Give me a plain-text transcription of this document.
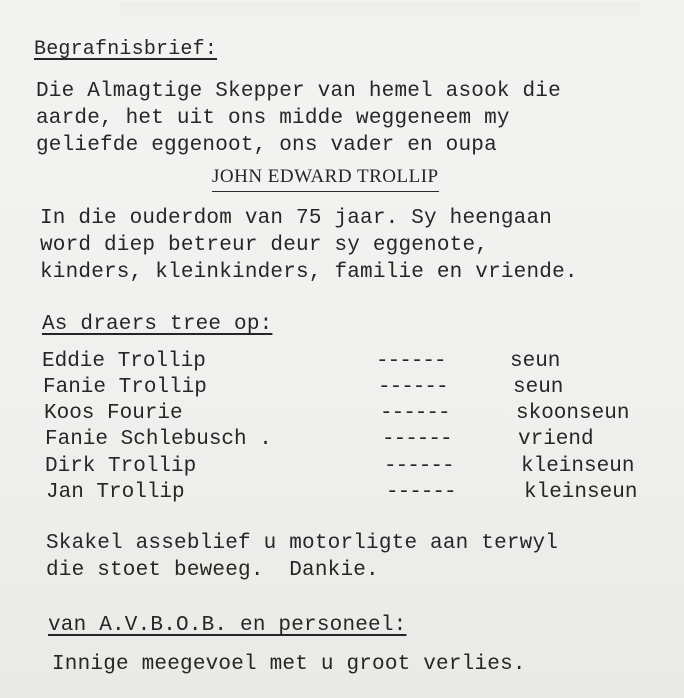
Begrafnisbrief:
Die Almagtige Skepper van hemel asook die
aarde, het uit ons midde weggeneem my
geliefde eggenoot, ons vader en oupa
JOHN EDWARD TROLLIP
In die ouderdom van 75 jaar. Sy heengaan
word diep betreur deur sy eggenote,
kinders, kleinkinders, familie en vriende.
As draers tree op:
Eddie Trollip	------	seun
Fanie Trollip	------	seun
Koos Fourie	------	skoonseun
Fanie Schlebusch .	------	vriend
Dirk Trollip	------	kleinseun
Jan Trollip	------	kleinseun
Skakel asseblief u motorligte aan terwyl
die stoet beweeg.  Dankie.
van A.V.B.O.B. en personeel:
Innige meegevoel met u groot verlies.
